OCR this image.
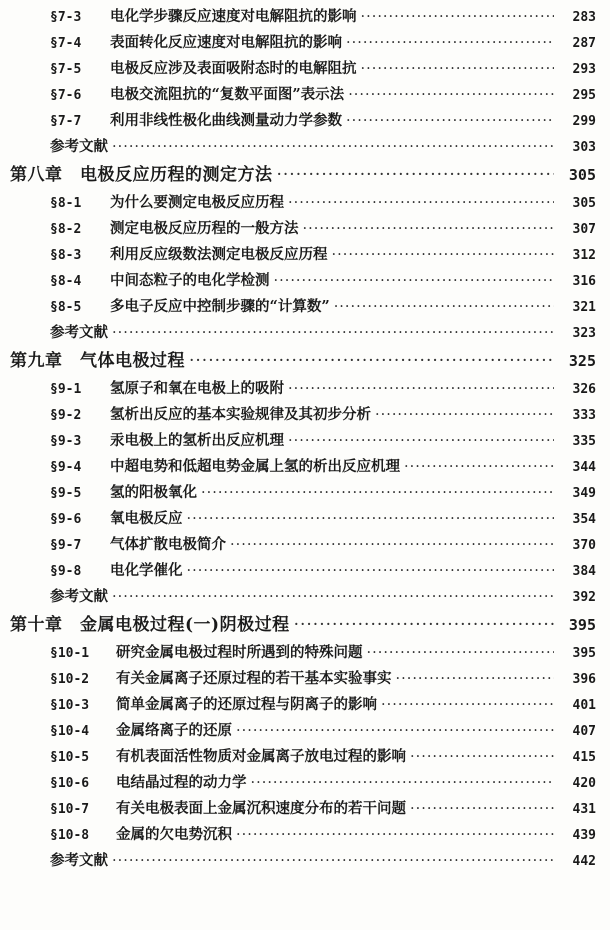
§7-3	电化学步骤反应速度对电解阻抗的影响 ·····	283
§7-4	表面转化反应速度对电解阻抗的影响 ·····	287
§7-5	电极反应涉及表面吸附态时的电解阻抗 ·····	293
§7-6	电极交流阻抗的“复数平面图”表示法 ·····	295
§7-7	利用非线性极化曲线测量动力学参数 ·····	299
参考文献 ·····	303
第八章　电极反应历程的测定方法 ·····	305
§8-1	为什么要测定电极反应历程 ·····	305
§8-2	测定电极反应历程的一般方法 ·····	307
§8-3	利用反应级数法测定电极反应历程 ·····	312
§8-4	中间态粒子的电化学检测 ·····	316
§8-5	多电子反应中控制步骤的“计算数” ·····	321
参考文献 ·····	323
第九章　气体电极过程 ·····	325
§9-1	氢原子和氧在电极上的吸附 ·····	326
§9-2	氢析出反应的基本实验规律及其初步分析 ·····	333
§9-3	汞电极上的氢析出反应机理 ·····	335
§9-4	中超电势和低超电势金属上氢的析出反应机理 ·····	344
§9-5	氢的阳极氧化 ·····	349
§9-6	氧电极反应 ·····	354
§9-7	气体扩散电极简介 ·····	370
§9-8	电化学催化 ·····	384
参考文献 ·····	392
第十章　金属电极过程(一)阴极过程 ·····	395
§10-1	研究金属电极过程时所遇到的特殊问题 ·····	395
§10-2	有关金属离子还原过程的若干基本实验事实 ·····	396
§10-3	简单金属离子的还原过程与阴离子的影响 ·····	401
§10-4	金属络离子的还原 ·····	407
§10-5	有机表面活性物质对金属离子放电过程的影响 ·····	415
§10-6	电结晶过程的动力学 ·····	420
§10-7	有关电极表面上金属沉积速度分布的若干问题 ·····	431
§10-8	金属的欠电势沉积 ·····	439
参考文献 ·····	442
